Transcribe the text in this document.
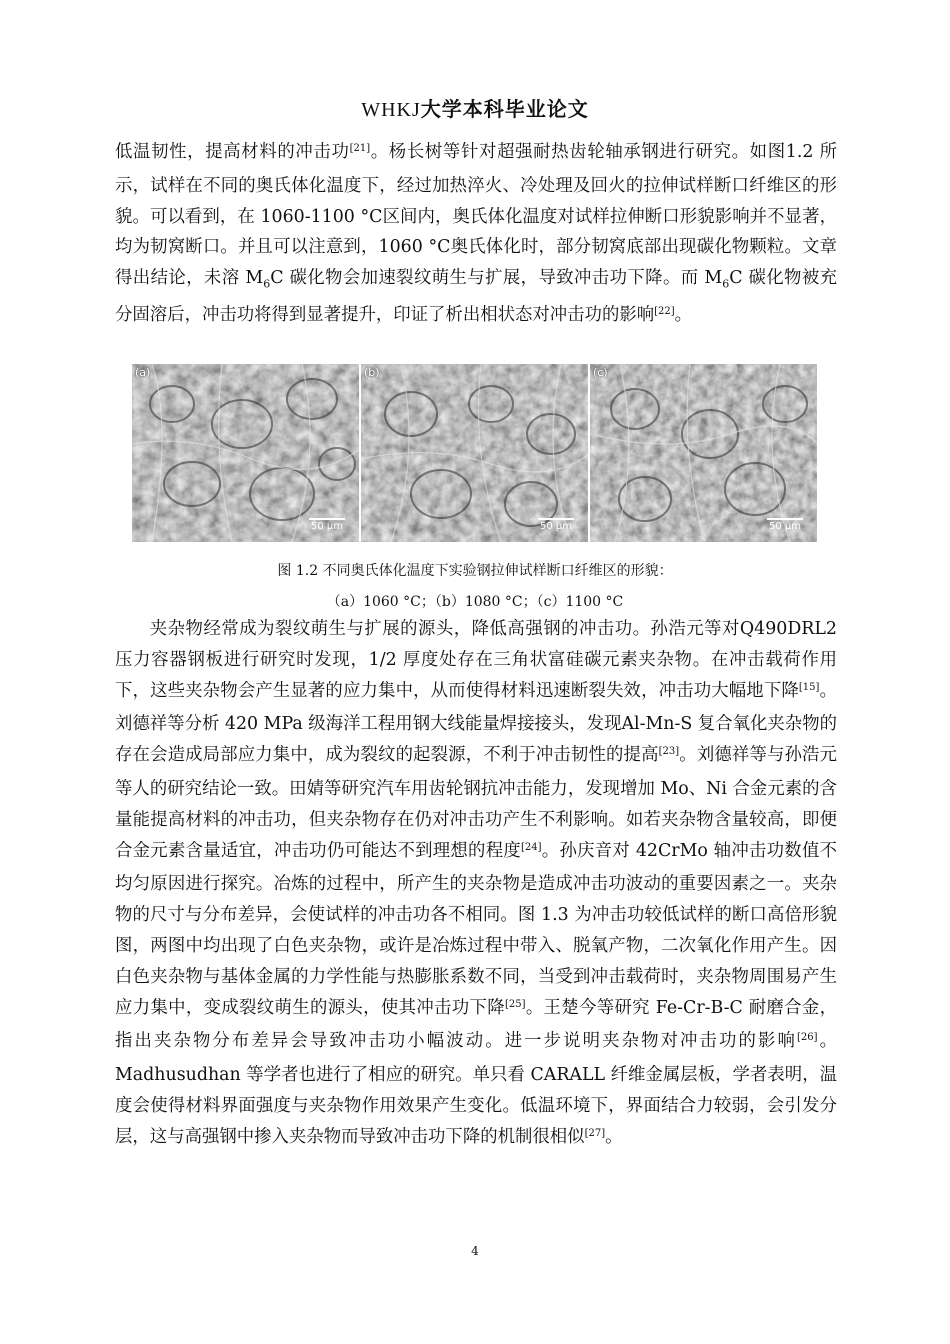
WHKJ大学本科毕业论文
低温韧性，提高材料的冲击功[21]。杨长树等针对超强耐热齿轮轴承钢进行研究。如图1.2 所示，试样在不同的奥氏体化温度下，经过加热淬火、冷处理及回火的拉伸试样断口纤维区的形貌。可以看到，在 1060-1100 °C区间内，奥氏体化温度对试样拉伸断口形貌影响并不显著，均为韧窝断口。并且可以注意到，1060 °C奥氏体化时，部分韧窝底部出现碳化物颗粒。文章得出结论，未溶 $M_6C$ 碳化物会加速裂纹萌生与扩展，导致冲击功下降。而 $M_6C$ 碳化物被充分固溶后，冲击功将得到显著提升，印证了析出相状态对冲击功的影响[22]。
(a)
50 μm
(b)
50 μm
(c)
50 μm
图 1.2 不同奥氏体化温度下实验钢拉伸试样断口纤维区的形貌：
（a）1060 °C；（b）1080 °C；（c）1100 °C
夹杂物经常成为裂纹萌生与扩展的源头，降低高强钢的冲击功。孙浩元等对Q490DRL2 压力容器钢板进行研究时发现，1/2 厚度处存在三角状富硅碳元素夹杂物。在冲击载荷作用下，这些夹杂物会产生显著的应力集中，从而使得材料迅速断裂失效，冲击功大幅地下降[15]。刘德祥等分析 420 MPa 级海洋工程用钢大线能量焊接接头，发现Al-Mn-S 复合氧化夹杂物的存在会造成局部应力集中，成为裂纹的起裂源，不利于冲击韧性的提高[23]。刘德祥等与孙浩元等人的研究结论一致。田婧等研究汽车用齿轮钢抗冲击能力，发现增加 Mo、Ni 合金元素的含量能提高材料的冲击功，但夹杂物存在仍对冲击功产生不利影响。如若夹杂物含量较高，即便合金元素含量适宜，冲击功仍可能达不到理想的程度[24]。孙庆音对 42CrMo 轴冲击功数值不均匀原因进行探究。冶炼的过程中，所产生的夹杂物是造成冲击功波动的重要因素之一。夹杂物的尺寸与分布差异，会使试样的冲击功各不相同。图 1.3 为冲击功较低试样的断口高倍形貌图，两图中均出现了白色夹杂物，或许是冶炼过程中带入、脱氧产物，二次氧化作用产生。因白色夹杂物与基体金属的力学性能与热膨胀系数不同，当受到冲击载荷时，夹杂物周围易产生应力集中，变成裂纹萌生的源头，使其冲击功下降[25]。王楚今等研究 Fe-Cr-B-C 耐磨合金，指出夹杂物分布差异会导致冲击功小幅波动。进一步说明夹杂物对冲击功的影响[26]。Madhusudhan 等学者也进行了相应的研究。单只看 CARALL 纤维金属层板，学者表明，温度会使得材料界面强度与夹杂物作用效果产生变化。低温环境下，界面结合力较弱，会引发分层，这与高强钢中掺入夹杂物而导致冲击功下降的机制很相似[27]。
4
